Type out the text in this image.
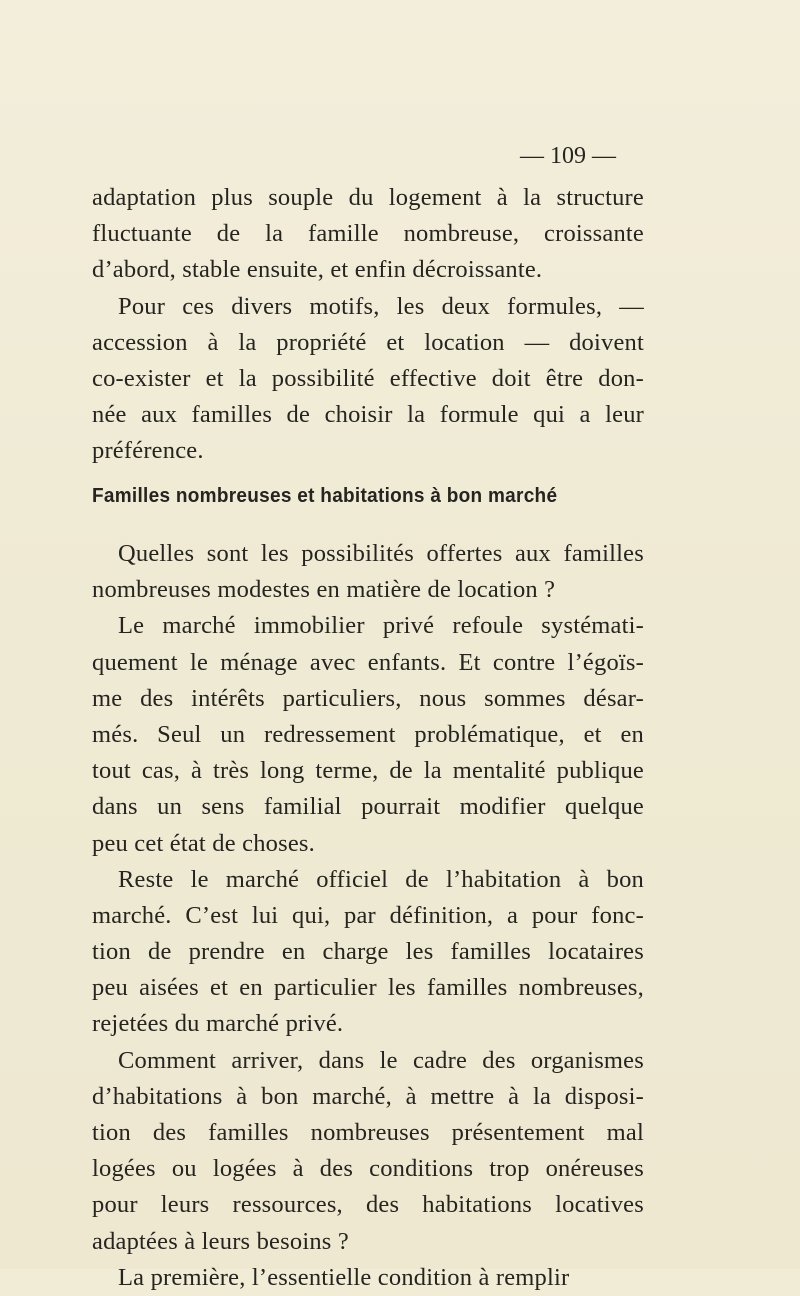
— 109 —
adaptation plus souple du logement à la structure
fluctuante de la famille nombreuse, croissante
d’abord, stable ensuite, et enfin décroissante.
Pour ces divers motifs, les deux formules, —
accession à la propriété et location — doivent
co-exister et la possibilité effective doit être don-
née aux familles de choisir la formule qui a leur
préférence.
Familles nombreuses et habitations à bon marché
Quelles sont les possibilités offertes aux familles
nombreuses modestes en matière de location ?
Le marché immobilier privé refoule systémati-
quement le ménage avec enfants. Et contre l’égoïs-
me des intérêts particuliers, nous sommes désar-
més. Seul un redressement problématique, et en
tout cas, à très long terme, de la mentalité publique
dans un sens familial pourrait modifier quelque
peu cet état de choses.
Reste le marché officiel de l’habitation à bon
marché. C’est lui qui, par définition, a pour fonc-
tion de prendre en charge les familles locataires
peu aisées et en particulier les familles nombreuses,
rejetées du marché privé.
Comment arriver, dans le cadre des organismes
d’habitations à bon marché, à mettre à la disposi-
tion des familles nombreuses présentement mal
logées ou logées à des conditions trop onéreuses
pour leurs ressources, des habitations locatives
adaptées à leurs besoins ?
La première, l’essentielle condition à remplir
